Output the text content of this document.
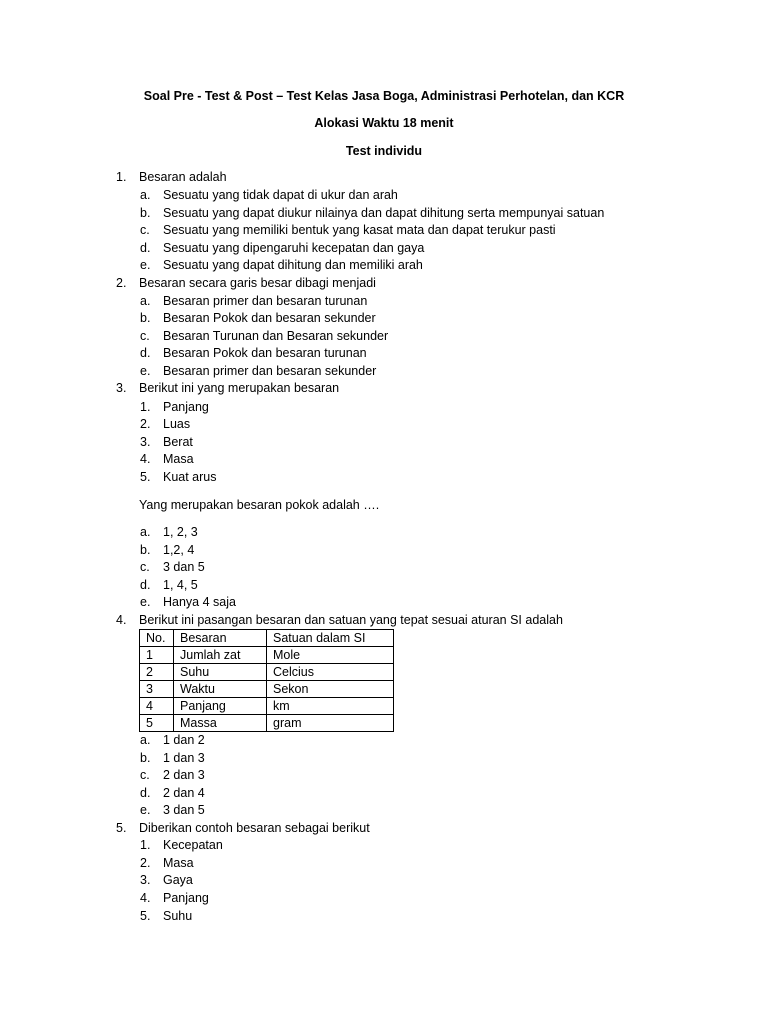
Soal Pre - Test & Post – Test Kelas Jasa Boga, Administrasi Perhotelan, dan KCR
Alokasi Waktu 18 menit
Test individu
1. Besaran adalah
a. Sesuatu yang tidak dapat di ukur dan arah
b. Sesuatu yang dapat diukur nilainya dan dapat dihitung serta mempunyai satuan
c. Sesuatu yang memiliki bentuk yang kasat mata dan dapat terukur pasti
d. Sesuatu yang dipengaruhi kecepatan dan gaya
e. Sesuatu yang dapat dihitung dan memiliki arah
2. Besaran secara garis besar dibagi menjadi
a. Besaran primer dan besaran turunan
b. Besaran Pokok dan besaran sekunder
c. Besaran Turunan dan Besaran sekunder
d. Besaran Pokok dan besaran turunan
e. Besaran primer dan besaran sekunder
3. Berikut ini yang merupakan besaran
1. Panjang
2. Luas
3. Berat
4. Masa
5. Kuat arus
Yang merupakan besaran pokok adalah ….
a. 1, 2, 3
b. 1,2, 4
c. 3 dan 5
d. 1, 4, 5
e. Hanya 4 saja
4. Berikut ini pasangan besaran dan satuan yang tepat sesuai aturan SI adalah
No.	Besaran	Satuan dalam SI
1	Jumlah zat	Mole
2	Suhu	Celcius
3	Waktu	Sekon
4	Panjang	km
5	Massa	gram
a. 1 dan 2
b. 1 dan 3
c. 2 dan 3
d. 2 dan 4
e. 3 dan 5
5. Diberikan contoh besaran sebagai berikut
1. Kecepatan
2. Masa
3. Gaya
4. Panjang
5. Suhu
